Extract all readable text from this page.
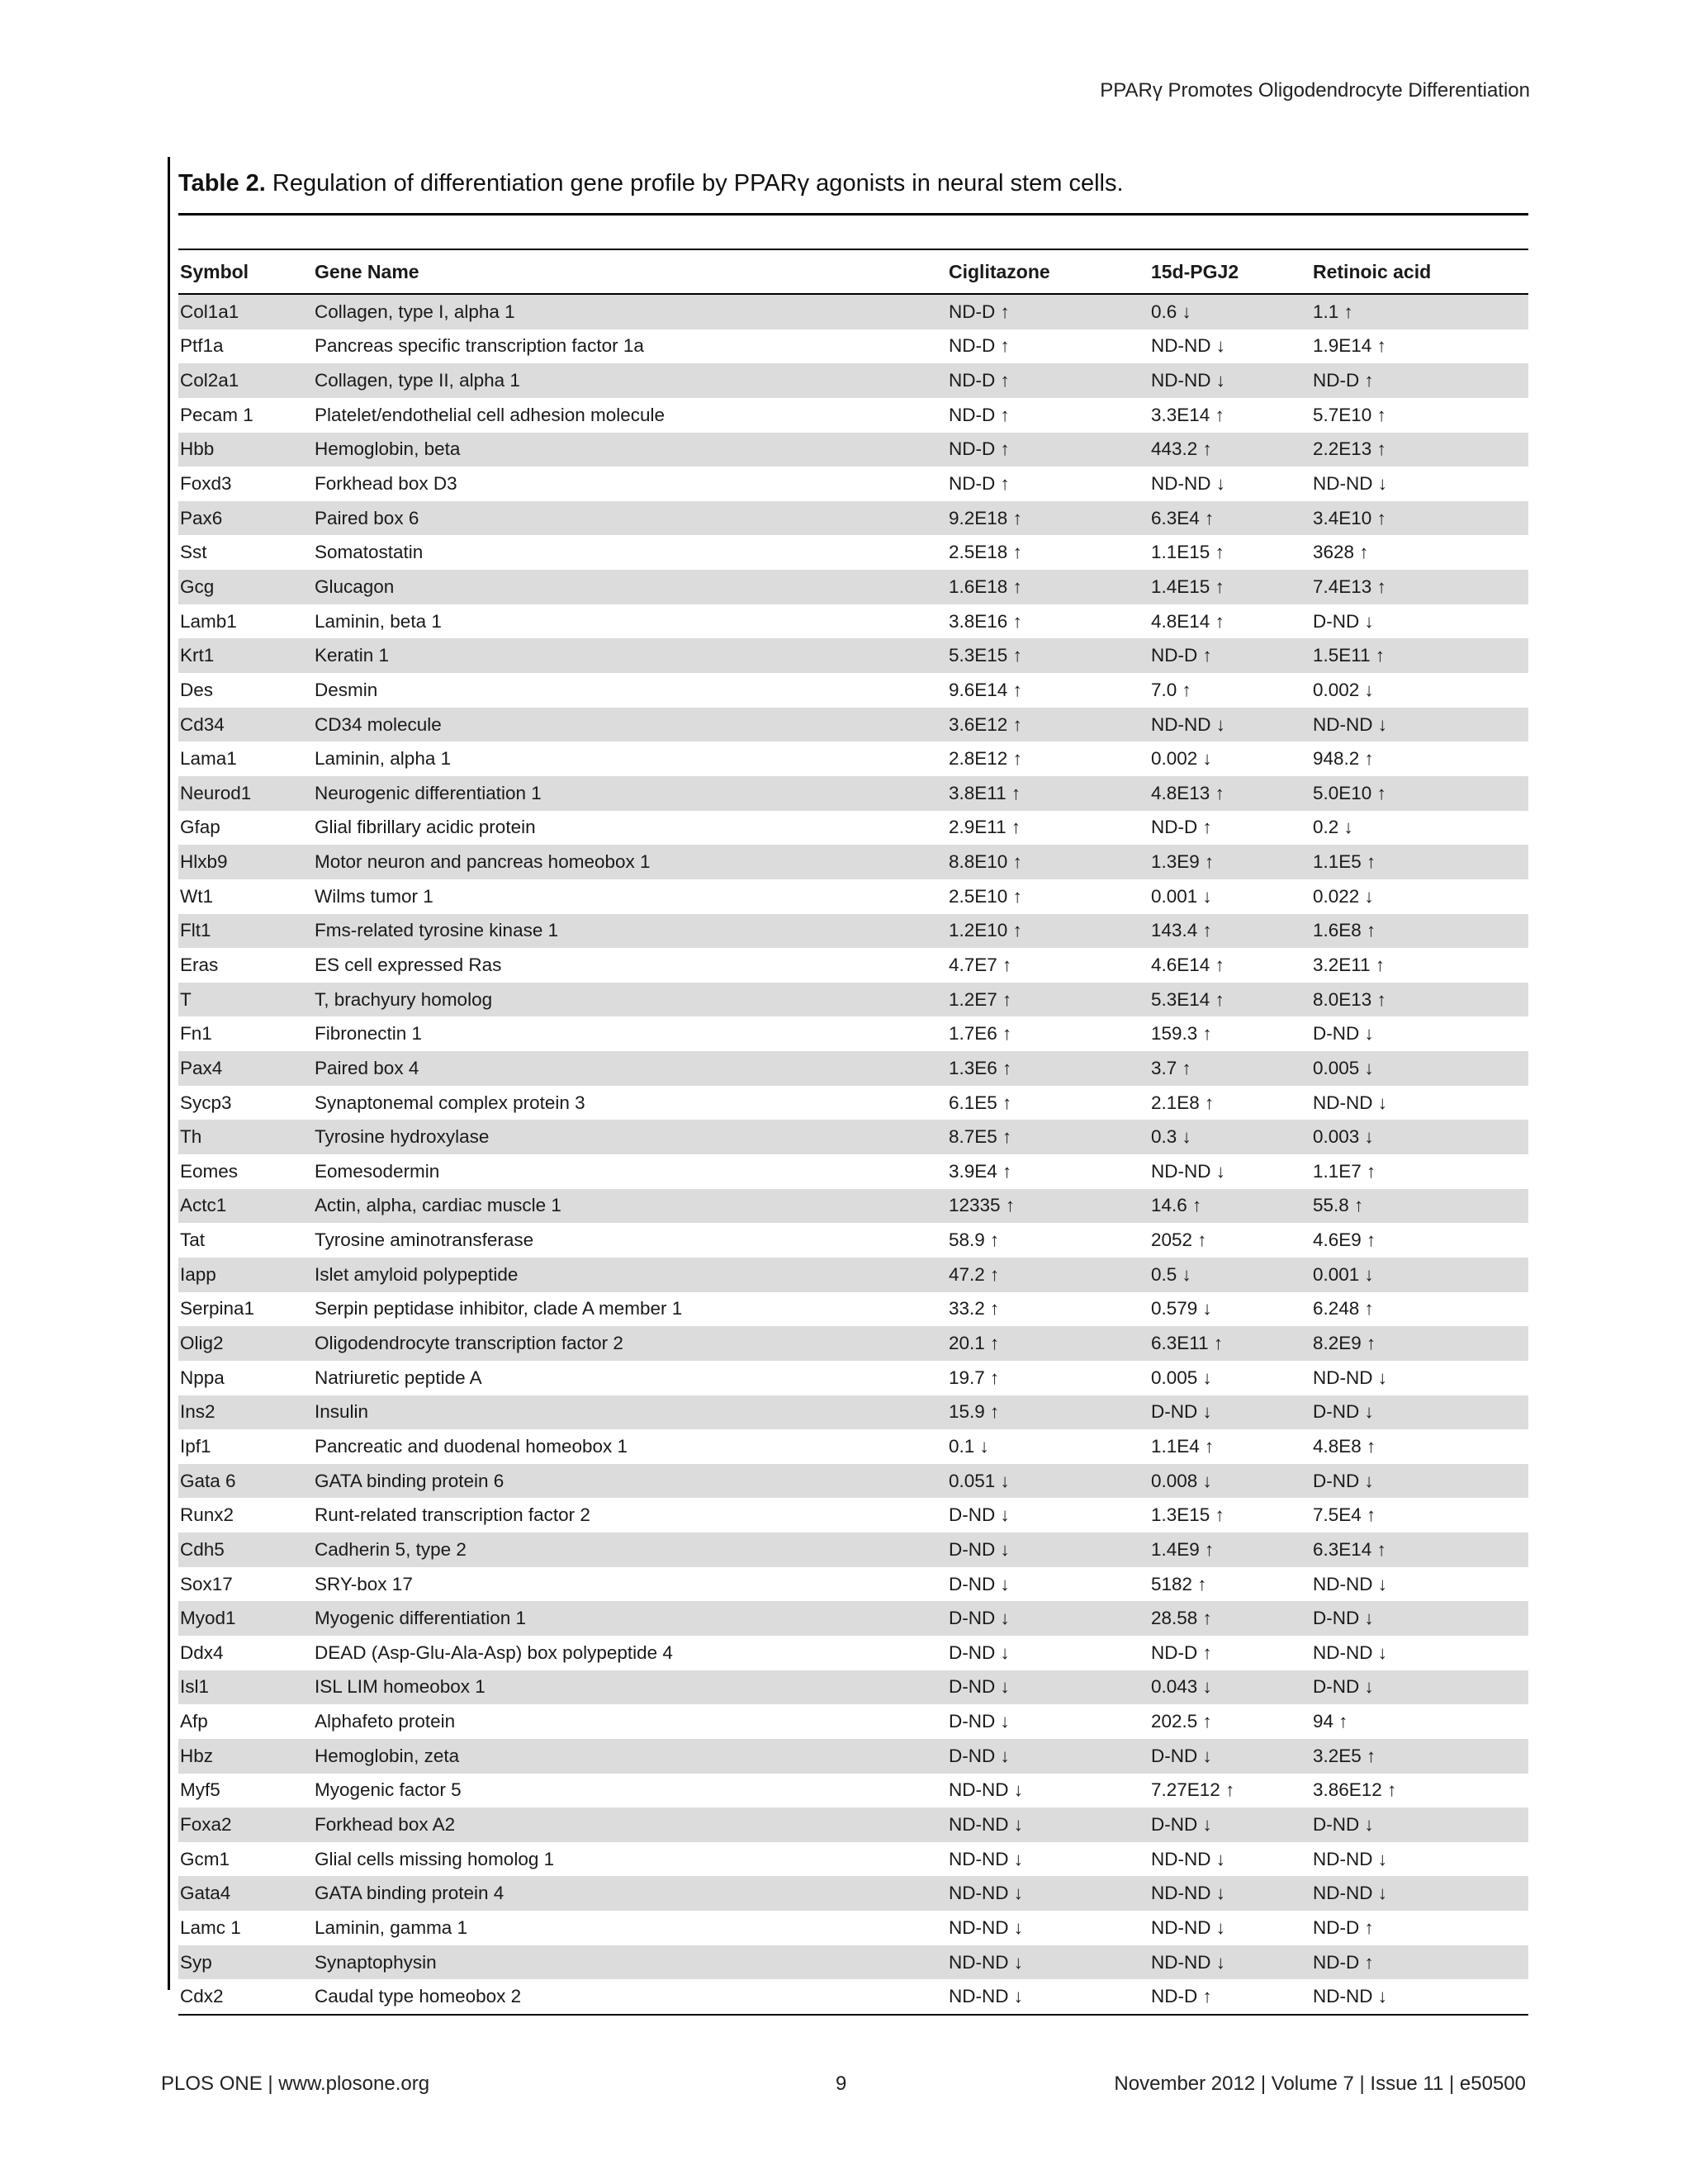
PPARγ Promotes Oligodendrocyte Differentiation
Table 2. Regulation of differentiation gene profile by PPARγ agonists in neural stem cells.
Symbol	Gene Name	Ciglitazone	15d-PGJ2	Retinoic acid
Col1a1	Collagen, type I, alpha 1	ND-D ↑	0.6 ↓	1.1 ↑
Ptf1a	Pancreas specific transcription factor 1a	ND-D ↑	ND-ND ↓	1.9E14 ↑
Col2a1	Collagen, type II, alpha 1	ND-D ↑	ND-ND ↓	ND-D ↑
Pecam 1	Platelet/endothelial cell adhesion molecule	ND-D ↑	3.3E14 ↑	5.7E10 ↑
Hbb	Hemoglobin, beta	ND-D ↑	443.2 ↑	2.2E13 ↑
Foxd3	Forkhead box D3	ND-D ↑	ND-ND ↓	ND-ND ↓
Pax6	Paired box 6	9.2E18 ↑	6.3E4 ↑	3.4E10 ↑
Sst	Somatostatin	2.5E18 ↑	1.1E15 ↑	3628 ↑
Gcg	Glucagon	1.6E18 ↑	1.4E15 ↑	7.4E13 ↑
Lamb1	Laminin, beta 1	3.8E16 ↑	4.8E14 ↑	D-ND ↓
Krt1	Keratin 1	5.3E15 ↑	ND-D ↑	1.5E11 ↑
Des	Desmin	9.6E14 ↑	7.0 ↑	0.002 ↓
Cd34	CD34 molecule	3.6E12 ↑	ND-ND ↓	ND-ND ↓
Lama1	Laminin, alpha 1	2.8E12 ↑	0.002 ↓	948.2 ↑
Neurod1	Neurogenic differentiation 1	3.8E11 ↑	4.8E13 ↑	5.0E10 ↑
Gfap	Glial fibrillary acidic protein	2.9E11 ↑	ND-D ↑	0.2 ↓
Hlxb9	Motor neuron and pancreas homeobox 1	8.8E10 ↑	1.3E9 ↑	1.1E5 ↑
Wt1	Wilms tumor 1	2.5E10 ↑	0.001 ↓	0.022 ↓
Flt1	Fms-related tyrosine kinase 1	1.2E10 ↑	143.4 ↑	1.6E8 ↑
Eras	ES cell expressed Ras	4.7E7 ↑	4.6E14 ↑	3.2E11 ↑
T	T, brachyury homolog	1.2E7 ↑	5.3E14 ↑	8.0E13 ↑
Fn1	Fibronectin 1	1.7E6 ↑	159.3 ↑	D-ND ↓
Pax4	Paired box 4	1.3E6 ↑	3.7 ↑	0.005 ↓
Sycp3	Synaptonemal complex protein 3	6.1E5 ↑	2.1E8 ↑	ND-ND ↓
Th	Tyrosine hydroxylase	8.7E5 ↑	0.3 ↓	0.003 ↓
Eomes	Eomesodermin	3.9E4 ↑	ND-ND ↓	1.1E7 ↑
Actc1	Actin, alpha, cardiac muscle 1	12335 ↑	14.6 ↑	55.8 ↑
Tat	Tyrosine aminotransferase	58.9 ↑	2052 ↑	4.6E9 ↑
Iapp	Islet amyloid polypeptide	47.2 ↑	0.5 ↓	0.001 ↓
Serpina1	Serpin peptidase inhibitor, clade A member 1	33.2 ↑	0.579 ↓	6.248 ↑
Olig2	Oligodendrocyte transcription factor 2	20.1 ↑	6.3E11 ↑	8.2E9 ↑
Nppa	Natriuretic peptide A	19.7 ↑	0.005 ↓	ND-ND ↓
Ins2	Insulin	15.9 ↑	D-ND ↓	D-ND ↓
Ipf1	Pancreatic and duodenal homeobox 1	0.1 ↓	1.1E4 ↑	4.8E8 ↑
Gata 6	GATA binding protein 6	0.051 ↓	0.008 ↓	D-ND ↓
Runx2	Runt-related transcription factor 2	D-ND ↓	1.3E15 ↑	7.5E4 ↑
Cdh5	Cadherin 5, type 2	D-ND ↓	1.4E9 ↑	6.3E14 ↑
Sox17	SRY-box 17	D-ND ↓	5182 ↑	ND-ND ↓
Myod1	Myogenic differentiation 1	D-ND ↓	28.58 ↑	D-ND ↓
Ddx4	DEAD (Asp-Glu-Ala-Asp) box polypeptide 4	D-ND ↓	ND-D ↑	ND-ND ↓
Isl1	ISL LIM homeobox 1	D-ND ↓	0.043 ↓	D-ND ↓
Afp	Alphafeto protein	D-ND ↓	202.5 ↑	94 ↑
Hbz	Hemoglobin, zeta	D-ND ↓	D-ND ↓	3.2E5 ↑
Myf5	Myogenic factor 5	ND-ND ↓	7.27E12 ↑	3.86E12 ↑
Foxa2	Forkhead box A2	ND-ND ↓	D-ND ↓	D-ND ↓
Gcm1	Glial cells missing homolog 1	ND-ND ↓	ND-ND ↓	ND-ND ↓
Gata4	GATA binding protein 4	ND-ND ↓	ND-ND ↓	ND-ND ↓
Lamc 1	Laminin, gamma 1	ND-ND ↓	ND-ND ↓	ND-D ↑
Syp	Synaptophysin	ND-ND ↓	ND-ND ↓	ND-D ↑
Cdx2	Caudal type homeobox 2	ND-ND ↓	ND-D ↑	ND-ND ↓
PLOS ONE | www.plosone.org	9	November 2012 | Volume 7 | Issue 11 | e50500
